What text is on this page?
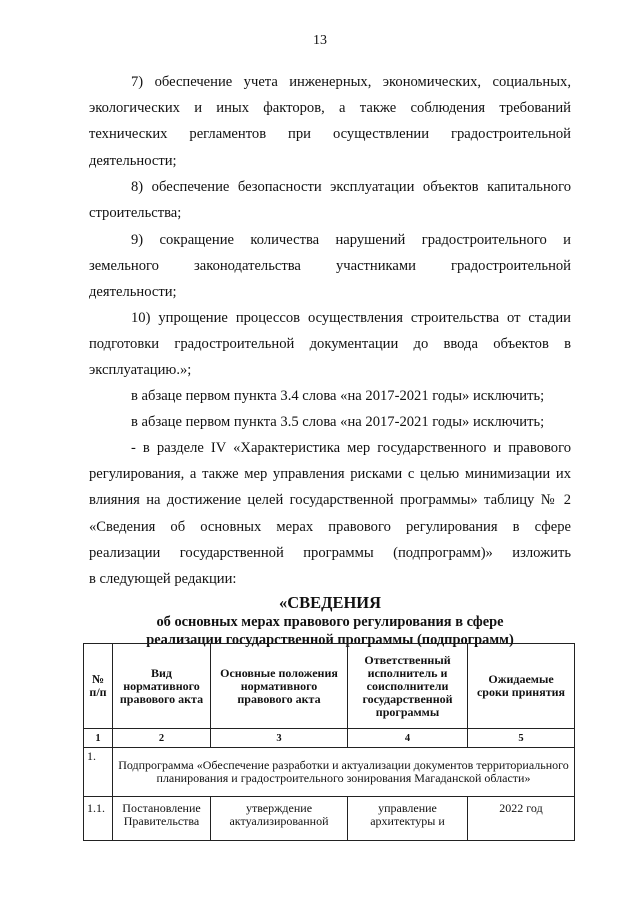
13
7) обеспечение учета инженерных, экономических, социальных,
экологических и иных факторов, а также соблюдения требований
технических регламентов при осуществлении градостроительной
деятельности;
8) обеспечение безопасности эксплуатации объектов капитального
строительства;
9) сокращение количества нарушений градостроительного и
земельного законодательства участниками градостроительной
деятельности;
10) упрощение процессов осуществления строительства от стадии
подготовки градостроительной документации до ввода объектов в
эксплуатацию.»;
в абзаце первом пункта 3.4 слова «на 2017-2021 годы» исключить;
в абзаце первом пункта 3.5 слова «на 2017-2021 годы» исключить;
- в разделе IV «Характеристика мер государственного и правового
регулирования, а также мер управления рисками с целью минимизации их
влияния на достижение целей государственной программы» таблицу № 2
«Сведения об основных мерах правового регулирования в сфере
реализации государственной программы (подпрограмм)» изложить
в следующей редакции:
«СВЕДЕНИЯ
об основных мерах правового регулирования в сфере
реализации государственной программы (подпрограмм)
№ п/п	Вид нормативного правового акта	Основные положения нормативного правового акта	Ответственный исполнитель и соисполнители государственной программы	Ожидаемые сроки принятия
1	2	3	4	5
1.	Подпрограмма «Обеспечение разработки и актуализации документов территориального планирования и градостроительного зонирования Магаданской области»			
1.1.	Постановление Правительства	утверждение актуализированной	управление архитектуры и	2022 год
